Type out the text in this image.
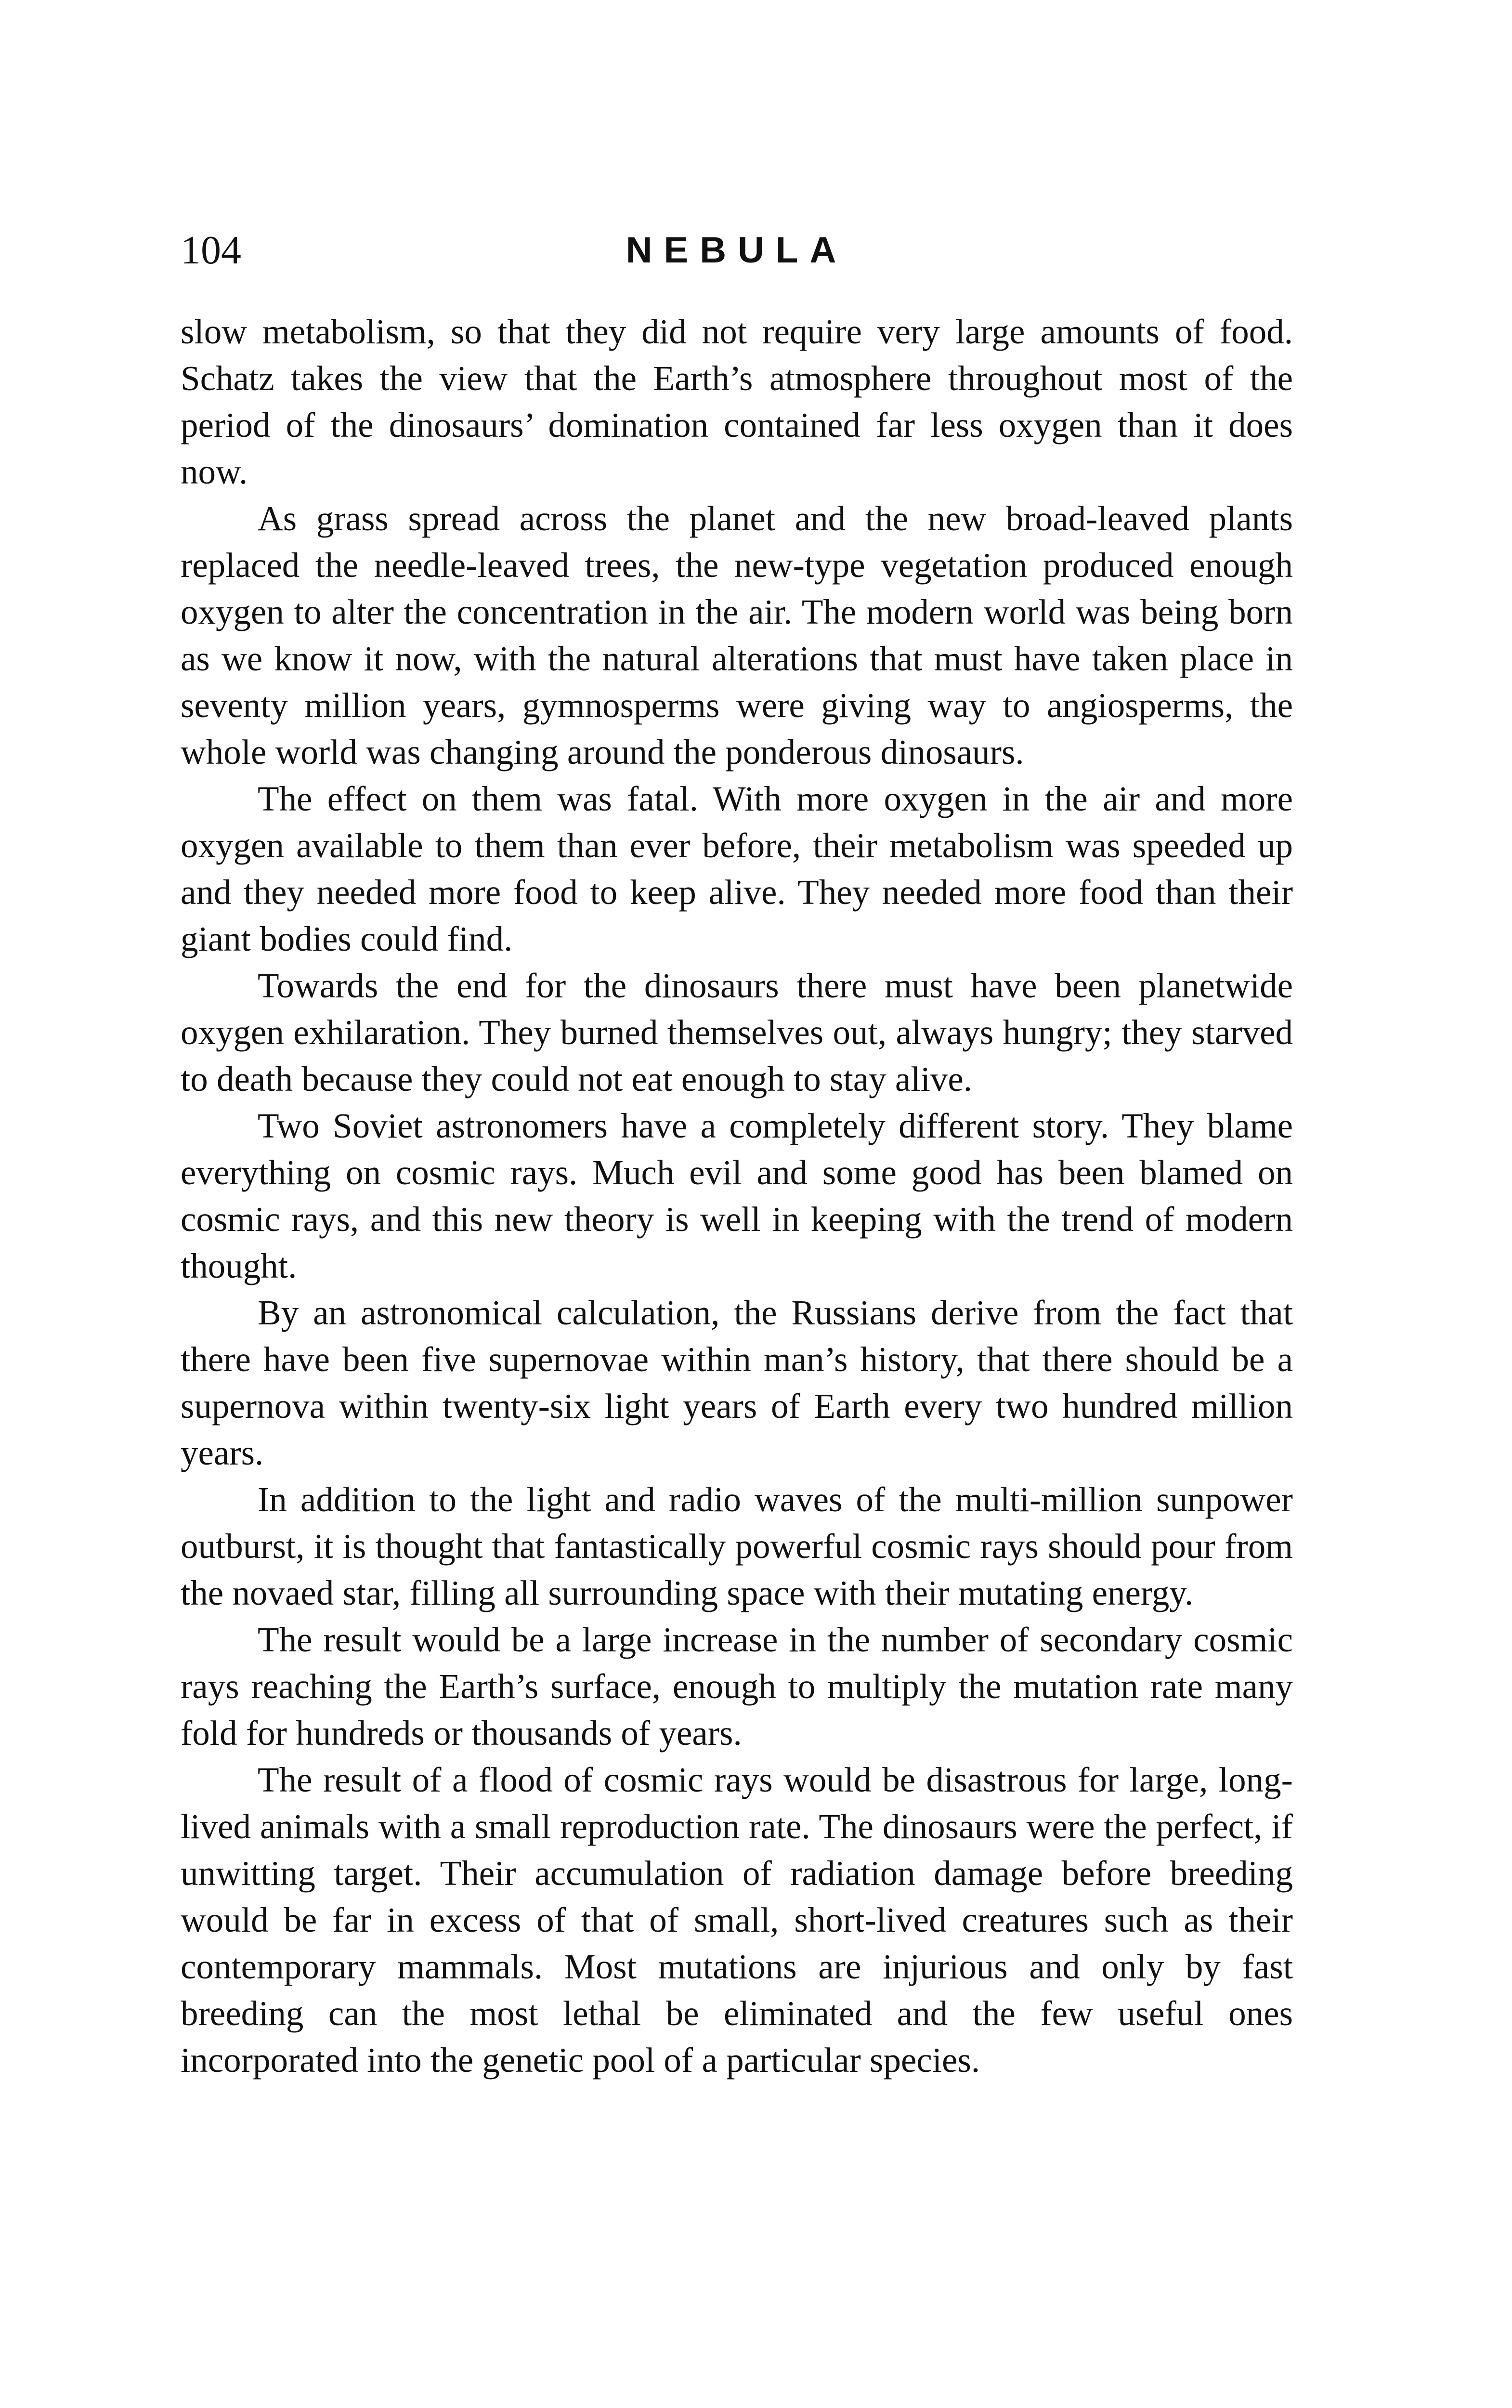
104	NEBULA

slow metabolism, so that they did not require very large amounts of food. Schatz takes the view that the Earth’s atmosphere throughout most of the period of the dinosaurs’ domination contained far less oxygen than it does now.

As grass spread across the planet and the new broad-leaved plants replaced the needle-leaved trees, the new-type vegetation produced enough oxygen to alter the concentration in the air. The modern world was being born as we know it now, with the natural alterations that must have taken place in seventy million years, gymnosperms were giving way to angiosperms, the whole world was changing around the ponderous dinosaurs.

The effect on them was fatal. With more oxygen in the air and more oxygen available to them than ever before, their metabolism was speeded up and they needed more food to keep alive. They needed more food than their giant bodies could find.

Towards the end for the dinosaurs there must have been planetwide oxygen exhilaration. They burned themselves out, always hungry; they starved to death because they could not eat enough to stay alive.

Two Soviet astronomers have a completely different story. They blame everything on cosmic rays. Much evil and some good has been blamed on cosmic rays, and this new theory is well in keeping with the trend of modern thought.

By an astronomical calculation, the Russians derive from the fact that there have been five supernovae within man’s history, that there should be a supernova within twenty-six light years of Earth every two hundred million years.

In addition to the light and radio waves of the multi-million sunpower outburst, it is thought that fantastically powerful cosmic rays should pour from the novaed star, filling all surrounding space with their mutating energy.

The result would be a large increase in the number of secondary cosmic rays reaching the Earth’s surface, enough to multiply the mutation rate many fold for hundreds or thousands of years.

The result of a flood of cosmic rays would be disastrous for large, long-lived animals with a small reproduction rate. The dinosaurs were the perfect, if unwitting target. Their accumulation of radiation damage before breeding would be far in excess of that of small, short-lived creatures such as their contemporary mammals. Most mutations are injurious and only by fast breeding can the most lethal be eliminated and the few useful ones incorporated into the genetic pool of a particular species.
